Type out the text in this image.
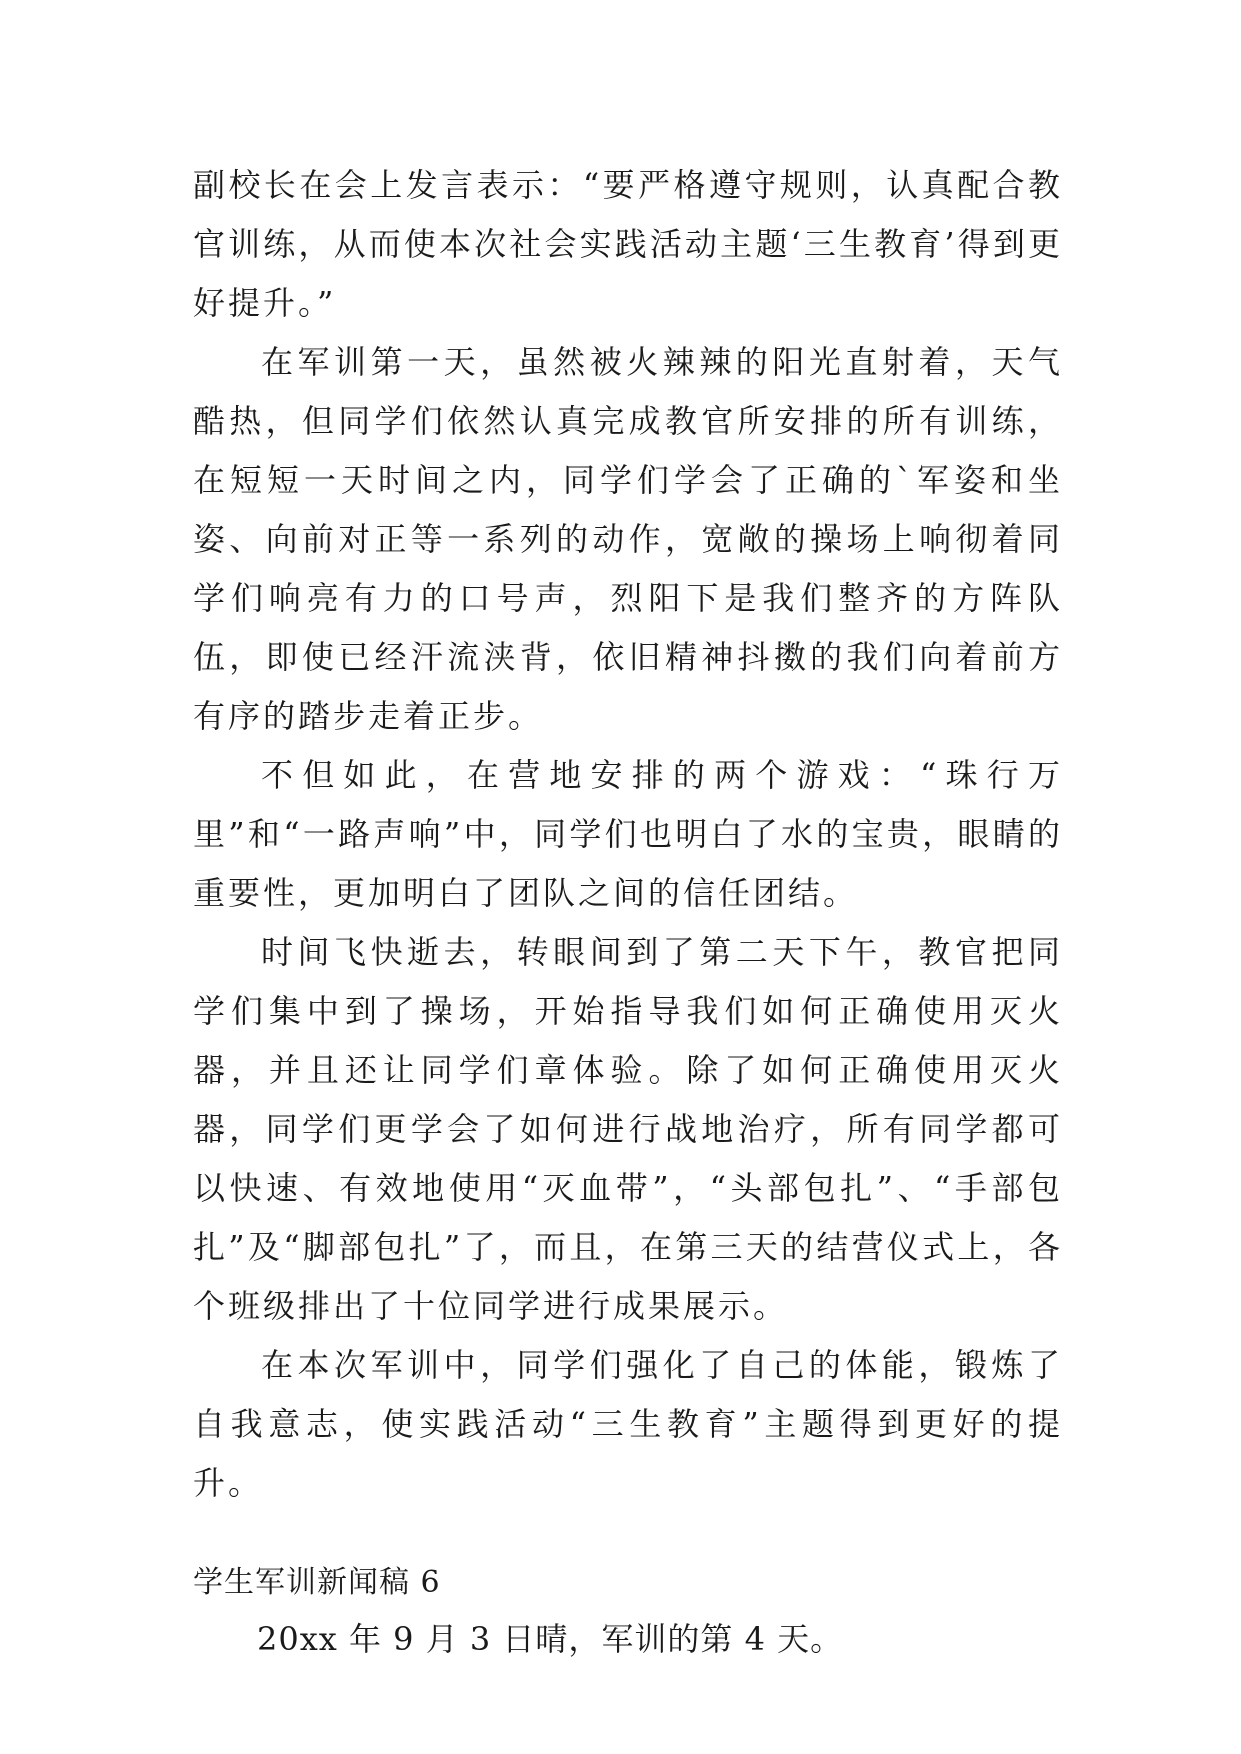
副校长在会上发言表示：“要严格遵守规则，认真配合教官训练，从而使本次社会实践活动主题‘三生教育’得到更好提升。”

在军训第一天，虽然被火辣辣的阳光直射着，天气酷热，但同学们依然认真完成教官所安排的所有训练，在短短一天时间之内，同学们学会了正确的`军姿和坐姿、向前对正等一系列的动作，宽敞的操场上响彻着同学们响亮有力的口号声，烈阳下是我们整齐的方阵队伍，即使已经汗流浃背，依旧精神抖擞的我们向着前方有序的踏步走着正步。

不但如此，在营地安排的两个游戏：“珠行万里”和“一路声响”中，同学们也明白了水的宝贵，眼睛的重要性，更加明白了团队之间的信任团结。

时间飞快逝去，转眼间到了第二天下午，教官把同学们集中到了操场，开始指导我们如何正确使用灭火器，并且还让同学们章体验。除了如何正确使用灭火器，同学们更学会了如何进行战地治疗，所有同学都可以快速、有效地使用“灭血带”，“头部包扎”、“手部包扎”及“脚部包扎”了，而且，在第三天的结营仪式上，各个班级排出了十位同学进行成果展示。

在本次军训中，同学们强化了自己的体能，锻炼了自我意志，使实践活动“三生教育”主题得到更好的提升。

学生军训新闻稿 6

20xx 年 9 月 3 日晴，军训的第 4 天。
